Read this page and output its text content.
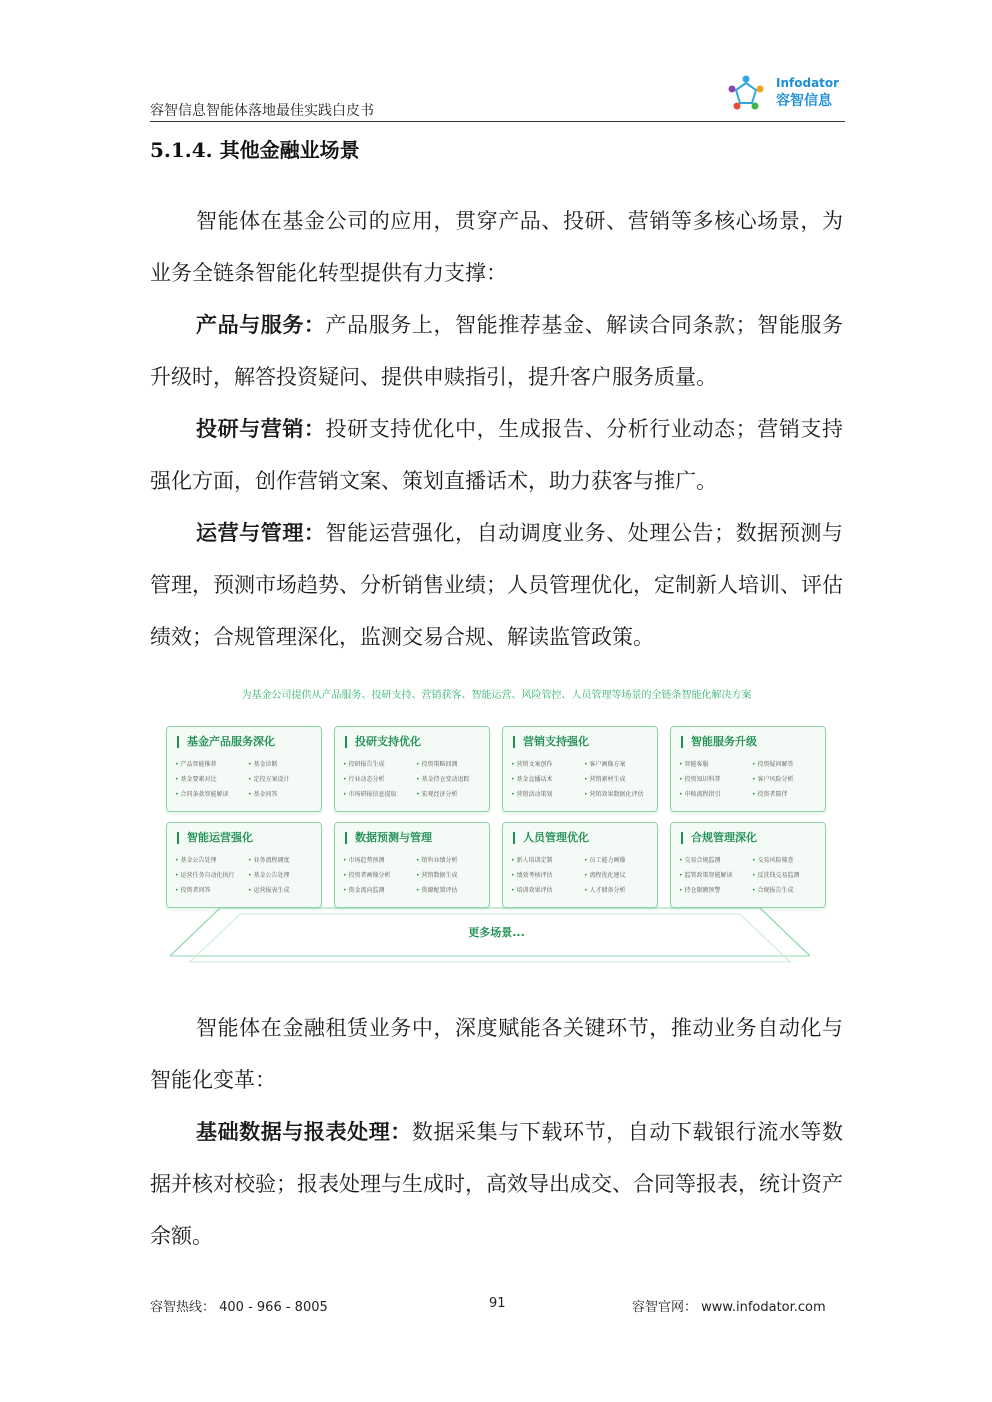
容智信息智能体落地最佳实践白皮书
Infodator
容智信息
5.1.4. 其他金融业场景
智能体在基金公司的应用，贯穿产品、投研、营销等多核心场景，为业务全链条智能化转型提供有力支撑：
产品与服务：产品服务上，智能推荐基金、解读合同条款；智能服务升级时，解答投资疑问、提供申赎指引，提升客户服务质量。
投研与营销：投研支持优化中，生成报告、分析行业动态；营销支持强化方面，创作营销文案、策划直播话术，助力获客与推广。
运营与管理：智能运营强化，自动调度业务、处理公告；数据预测与管理，预测市场趋势、分析销售业绩；人员管理优化，定制新人培训、评估绩效；合规管理深化，监测交易合规、解读监管政策。
为基金公司提供从产品服务、投研支持、营销获客、智能运营、风险管控、人员管理等场景的全链条智能化解决方案
更多场景...
基金产品服务深化
• 产品智能推荐	• 基金诊断
• 基金要素对比	• 定投方案设计
• 合同条款智能解读	• 基金问答
投研支持优化
• 投研报告生成	• 投资策略回测
• 行业动态分析	• 基金持仓变动追踪
• 市场研报信息提取	• 宏观经济分析
营销支持强化
• 营销文案创作	• 客户画像方案
• 基金直播话术	• 营销素材生成
• 营销活动策划	• 营销效果数据化评估
智能服务升级
• 智能客服	• 投资疑问解答
• 投资知识科普	• 客户风险分析
• 申赎流程指引	• 投资者陪伴
智能运营强化
• 基金公告处理	• 业务流程调度
• 运营任务自动化执行	• 基金公告处理
• 投资者问答	• 运营报表生成
数据预测与管理
• 市场趋势预测	• 销售业绩分析
• 投资者画像分析	• 营销数据生成
• 资金流向监测	• 资源配置评估
人员管理优化
• 新人培训定制	• 员工能力画像
• 绩效考核评估	• 流程优化建议
• 培训效果评估	• 人才储备分析
合规管理深化
• 交易合规监测	• 交易风险筛查
• 监管政策智能解读	• 反洗钱交易监测
• 持仓限额预警	• 合规报告生成
智能体在金融租赁业务中，深度赋能各关键环节，推动业务自动化与智能化变革：
基础数据与报表处理：数据采集与下载环节，自动下载银行流水等数据并核对校验；报表处理与生成时，高效导出成交、合同等报表，统计资产余额。
容智热线： 400 - 966 - 8005	91	容智官网： www.infodator.com
